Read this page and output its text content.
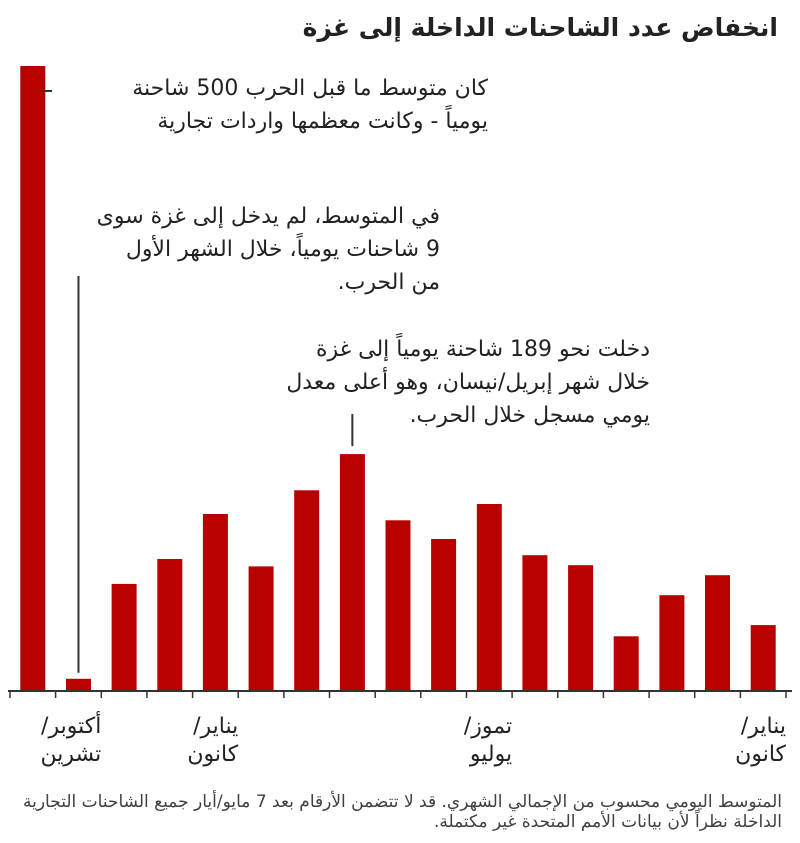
انخفاض عدد الشاحنات الداخلة إلى غزة

كان متوسط ما قبل الحرب 500 شاحنة
يومياً - وكانت معظمها واردات تجارية

في المتوسط، لم يدخل إلى غزة سوى
9 شاحنات يومياً، خلال الشهر الأول
من الحرب.

دخلت نحو 189 شاحنة يومياً إلى غزة
خلال شهر إبريل/نيسان، وهو أعلى معدل
يومي مسجل خلال الحرب.

أكتوبر/تشرين
يناير/
كانون
تموز/
يوليو
يناير/
كانون

المتوسط اليومي محسوب من الإجمالي الشهري. قد لا تتضمن الأرقام بعد 7 مايو/أيار جميع الشاحنات التجارية الداخلة نظراً لأن بيانات الأمم المتحدة غير مكتملة.
